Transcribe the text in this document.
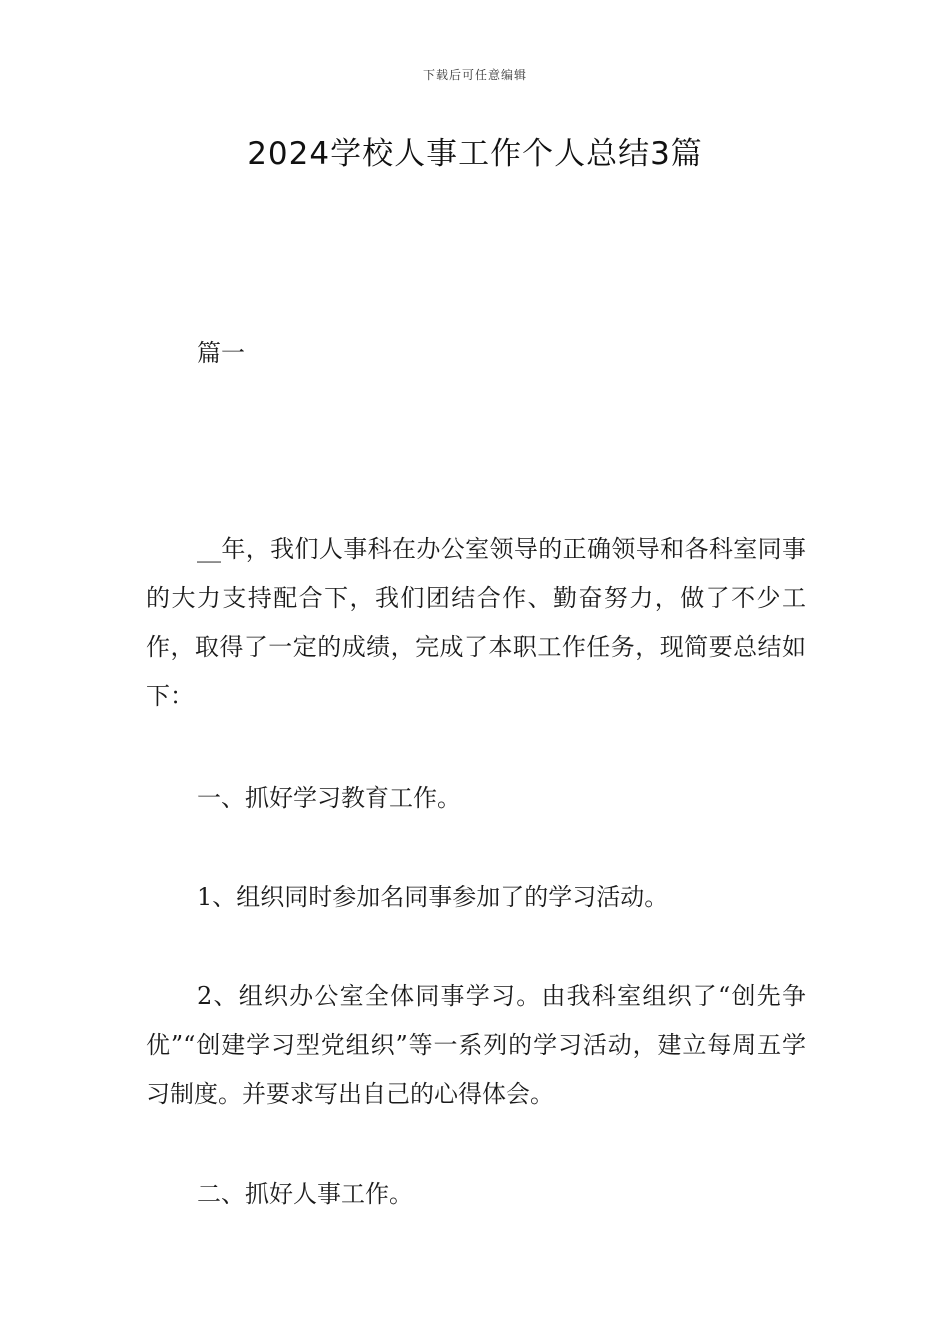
下载后可任意编辑
2024学校人事工作个人总结3篇
篇一

__年，我们人事科在办公室领导的正确领导和各科室同事的大力支持配合下，我们团结合作、勤奋努力，做了不少工作，取得了一定的成绩，完成了本职工作任务，现简要总结如下：

一、抓好学习教育工作。

1、组织同时参加名同事参加了的学习活动。

2、组织办公室全体同事学习。由我科室组织了“创先争优”“创建学习型党组织”等一系列的学习活动，建立每周五学习制度。并要求写出自己的心得体会。

二、抓好人事工作。
